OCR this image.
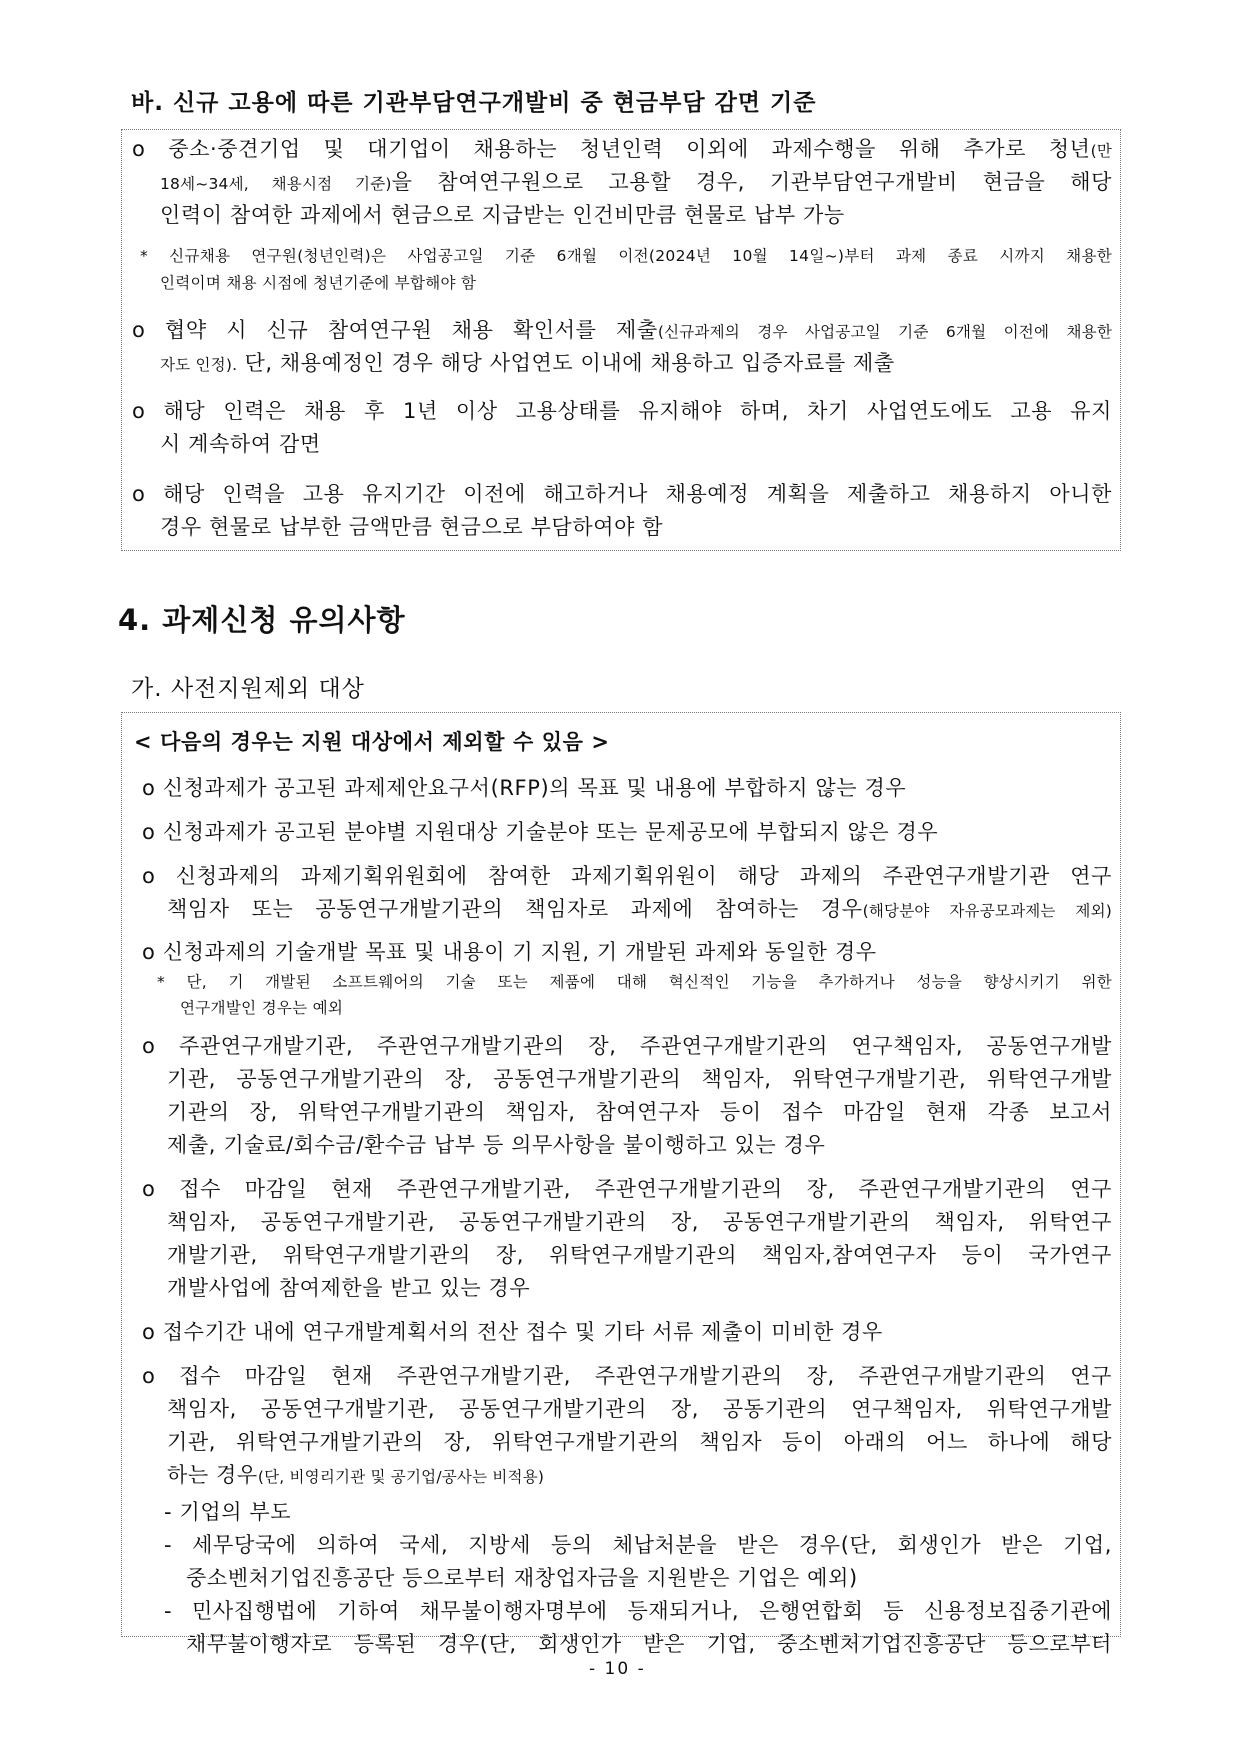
바. 신규 고용에 따른 기관부담연구개발비 중 현금부담 감면 기준
o 중소·중견기업 및 대기업이 채용하는 청년인력 이외에 과제수행을 위해 추가로 청년(만
18세~34세, 채용시점 기준)을 참여연구원으로 고용할 경우, 기관부담연구개발비 현금을 해당
인력이 참여한 과제에서 현금으로 지급받는 인건비만큼 현물로 납부 가능
* 신규채용 연구원(청년인력)은 사업공고일 기준 6개월 이전(2024년 10월 14일~)부터 과제 종료 시까지 채용한
인력이며 채용 시점에 청년기준에 부합해야 함
o 협약 시 신규 참여연구원 채용 확인서를 제출(신규과제의 경우 사업공고일 기준 6개월 이전에 채용한
자도 인정). 단, 채용예정인 경우 해당 사업연도 이내에 채용하고 입증자료를 제출
o 해당 인력은 채용 후 1년 이상 고용상태를 유지해야 하며, 차기 사업연도에도 고용 유지
시 계속하여 감면
o 해당 인력을 고용 유지기간 이전에 해고하거나 채용예정 계획을 제출하고 채용하지 아니한
경우 현물로 납부한 금액만큼 현금으로 부담하여야 함
4. 과제신청 유의사항
가. 사전지원제외 대상
< 다음의 경우는 지원 대상에서 제외할 수 있음 >
o 신청과제가 공고된 과제제안요구서(RFP)의 목표 및 내용에 부합하지 않는 경우
o 신청과제가 공고된 분야별 지원대상 기술분야 또는 문제공모에 부합되지 않은 경우
o 신청과제의 과제기획위원회에 참여한 과제기획위원이 해당 과제의 주관연구개발기관 연구
책임자 또는 공동연구개발기관의 책임자로 과제에 참여하는 경우(해당분야 자유공모과제는 제외)
o 신청과제의 기술개발 목표 및 내용이 기 지원, 기 개발된 과제와 동일한 경우
* 단, 기 개발된 소프트웨어의 기술 또는 제품에 대해 혁신적인 기능을 추가하거나 성능을 향상시키기 위한
연구개발인 경우는 예외
o 주관연구개발기관, 주관연구개발기관의 장, 주관연구개발기관의 연구책임자, 공동연구개발
기관, 공동연구개발기관의 장, 공동연구개발기관의 책임자, 위탁연구개발기관, 위탁연구개발
기관의 장, 위탁연구개발기관의 책임자, 참여연구자 등이 접수 마감일 현재 각종 보고서
제출, 기술료/회수금/환수금 납부 등 의무사항을 불이행하고 있는 경우
o 접수 마감일 현재 주관연구개발기관, 주관연구개발기관의 장, 주관연구개발기관의 연구
책임자, 공동연구개발기관, 공동연구개발기관의 장, 공동연구개발기관의 책임자, 위탁연구
개발기관, 위탁연구개발기관의 장, 위탁연구개발기관의 책임자,참여연구자 등이 국가연구
개발사업에 참여제한을 받고 있는 경우
o 접수기간 내에 연구개발계획서의 전산 접수 및 기타 서류 제출이 미비한 경우
o 접수 마감일 현재 주관연구개발기관, 주관연구개발기관의 장, 주관연구개발기관의 연구
책임자, 공동연구개발기관, 공동연구개발기관의 장, 공동기관의 연구책임자, 위탁연구개발
기관, 위탁연구개발기관의 장, 위탁연구개발기관의 책임자 등이 아래의 어느 하나에 해당
하는 경우(단, 비영리기관 및 공기업/공사는 비적용)
- 기업의 부도
- 세무당국에 의하여 국세, 지방세 등의 체납처분을 받은 경우(단, 회생인가 받은 기업,
중소벤처기업진흥공단 등으로부터 재창업자금을 지원받은 기업은 예외)
- 민사집행법에 기하여 채무불이행자명부에 등재되거나, 은행연합회 등 신용정보집중기관에
채무불이행자로 등록된 경우(단, 회생인가 받은 기업, 중소벤처기업진흥공단 등으로부터
- 10 -
